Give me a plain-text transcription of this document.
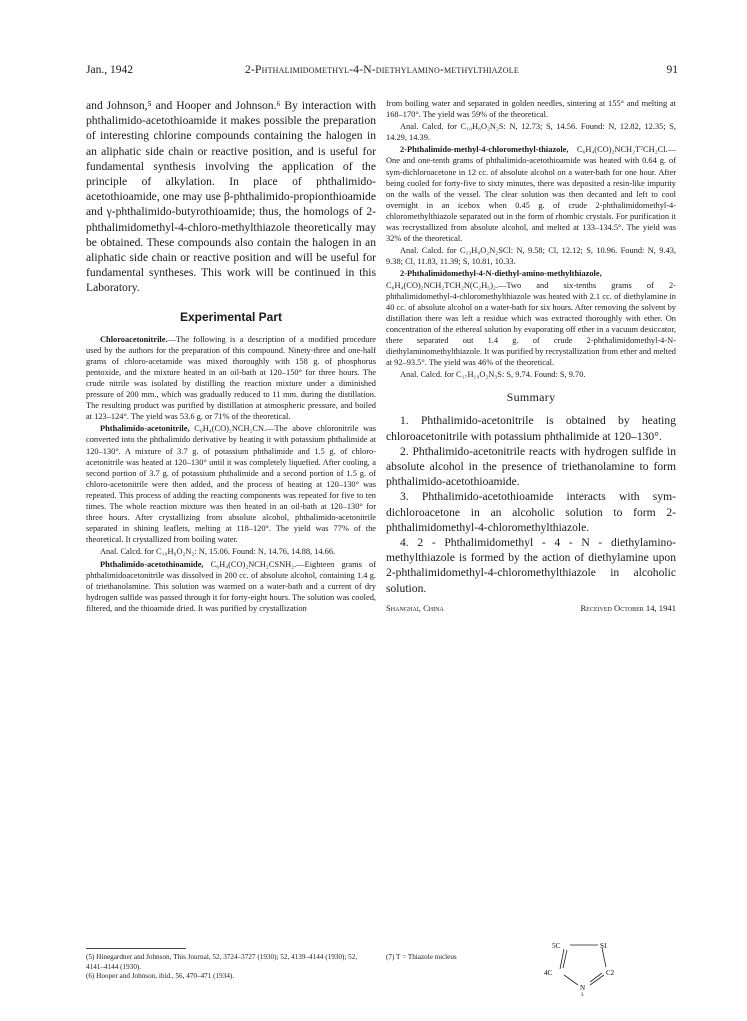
Jan., 1942	2-Phthalimidomethyl-4-N-diethylamino-methylthiazole	91

and Johnson,⁵ and Hooper and Johnson.⁶ By interaction with phthalimido-acetothioamide it makes possible the preparation of interesting chlorine compounds containing the halogen in an aliphatic side chain or reactive position, and is useful for fundamental synthesis involving the application of the principle of alkylation. In place of phthalimido-acetothioamide, one may use β-phthalimido-propionthioamide and γ-phthalimido-butyrothioamide; thus, the homologs of 2-phthalimidomethyl-4-chloro-methylthiazole theoretically may be obtained. These compounds also contain the halogen in an aliphatic side chain or reactive position and will be useful for fundamental syntheses. This work will be continued in this Laboratory.

Experimental Part

Chloroacetonitrile.—The following is a description of a modified procedure used by the authors for the preparation of this compound. Ninety-three and one-half grams of chloro-acetamide was mixed thoroughly with 158 g. of phosphorus pentoxide, and the mixture heated in an oil-bath at 120–150° for three hours. The crude nitrile was isolated by distilling the reaction mixture under a diminished pressure of 200 mm., which was gradually reduced to 11 mm. during the distillation. The resulting product was purified by distillation at atmospheric pressure, and boiled at 123–124°. The yield was 53.6 g. or 71% of the theoretical.

Phthalimido-acetonitrile, C₆H₄(CO)₂NCH₂CN.—The above chloronitrile was converted into the phthalimido derivative by heating it with potassium phthalimide at 120–130°. A mixture of 3.7 g. of potassium phthalimide and 1.5 g. of chloro-acetonitrile was heated at 120–130° until it was completely liquefied. After cooling, a second portion of 3.7 g. of potassium phthalimide and a second portion of 1.5 g. of chloro-acetonitrile were then added, and the process of heating at 120–130° was repeated. This process of adding the reacting components was repeated for five to ten times. The whole reaction mixture was then heated in an oil-bath at 120–130° for three hours. After crystallizing from absolute alcohol, phthalimido-acetonitrile separated in shining leaflets, melting at 118–120°. The yield was 77% of the theoretical. It crystallized from boiling water.

Anal. Calcd. for C₁₀H₆O₂N₂: N, 15.06. Found: N, 14.76, 14.88, 14.66.

Phthalimido-acetothioamide, C₆H₄(CO)₂NCH₂CSNH₂.—Eighteen grams of phthalimidoacetonitrile was dissolved in 200 cc. of absolute alcohol, containing 1.4 g. of triethanolamine. This solution was warmed on a water-bath and a current of dry hydrogen sulfide was passed through it for forty-eight hours. The solution was cooled, filtered, and the thioamide dried. It was purified by crystallization

from boiling water and separated in golden needles, sintering at 155° and melting at 168–170°. The yield was 59% of the theoretical.

Anal. Calcd. for C₁₀H₈O₂N₂S: N, 12.73; S, 14.56. Found: N, 12.82, 12.35; S, 14.29, 14.39.

2-Phthalimido-methyl-4-chloromethyl-thiazole, C₆H₄(CO)₂NCH₂T⁷CH₂Cl.—One and one-tenth grams of phthalimido-acetothioamide was heated with 0.64 g. of sym-dichloroacetone in 12 cc. of absolute alcohol on a water-bath for one hour. After being cooled for forty-five to sixty minutes, there was deposited a resin-like impurity on the walls of the vessel. The clear solution was then decanted and left to cool overnight in an icebox when 0.45 g. of crude 2-phthalimidomethyl-4-chloromethylthiazole separated out in the form of rhombic crystals. For purification it was recrystallized from absolute alcohol, and melted at 133–134.5°. The yield was 32% of the theoretical.

Anal. Calcd. for C₁₃H₉O₂N₂SCl: N, 9.58; Cl, 12.12; S, 10.96. Found: N, 9.43, 9.38; Cl, 11.83, 11.39; S, 10.81, 10.33.

2-Phthalimidomethyl-4-N-diethyl-amino-methylthiazole, C₆H₄(CO)₂NCH₂TCH₂N(C₂H₅)₂.—Two and six-tenths grams of 2-phthalimidomethyl-4-chloromethylthiazole was heated with 2.1 cc. of diethylamine in 40 cc. of absolute alcohol on a water-bath for six hours. After removing the solvent by distillation there was left a residue which was extracted thoroughly with ether. On concentration of the ethereal solution by evaporating off ether in a vacuum desiccator, there separated out 1.4 g. of crude 2-phthalimidomethyl-4-N-diethylaminomethylthiazole. It was purified by recrystallization from ether and melted at 92–93.5°. The yield was 46% of the theoretical.

Anal. Calcd. for C₁₇H₁₉O₂N₃S: S, 9.74. Found: S, 9.70.

Summary

1. Phthalimido-acetonitrile is obtained by heating chloroacetonitrile with potassium phthalimide at 120–130°.

2. Phthalimido-acetonitrile reacts with hydrogen sulfide in absolute alcohol in the presence of triethanolamine to form phthalimido-acetothioamide.

3. Phthalimido-acetothioamide interacts with sym-dichloroacetone in an alcoholic solution to form 2-phthalimidomethyl-4-chloromethylthiazole.

4. 2 - Phthalimidomethyl - 4 - N - diethylamino-methylthiazole is formed by the action of diethylamine upon 2-phthalimidomethyl-4-chloromethylthiazole in alcoholic solution.

Shanghai, China	Received October 14, 1941
(5) Hinegardner and Johnson, This Journal, 52, 3724–3727 (1930); 52, 4139–4144 (1930); 52, 4141–4144 (1930).
(6) Hooper and Johnson, ibid., 56, 470–471 (1934).
(7) T = Thiazole nucleus
5C	S1
4C	C2
N
3
